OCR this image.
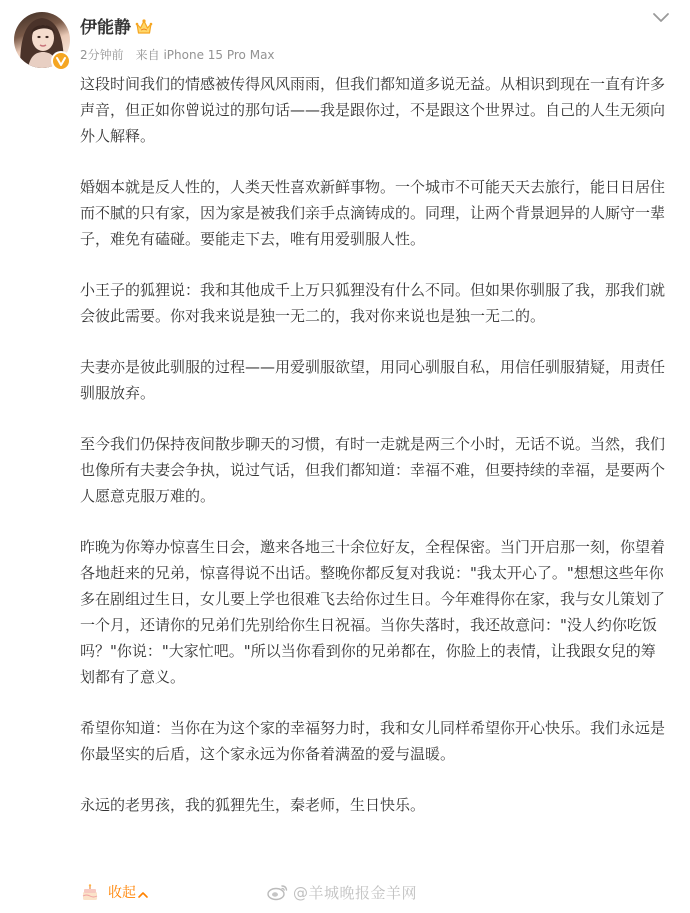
伊能静
2分钟前 来自 iPhone 15 Pro Max

这段时间我们的情感被传得风风雨雨，但我们都知道多说无益。从相识到现在一直有许多声音，但正如你曾说过的那句话——我是跟你过，不是跟这个世界过。自己的人生无须向外人解释。

婚姻本就是反人性的，人类天性喜欢新鲜事物。一个城市不可能天天去旅行，能日日居住而不腻的只有家，因为家是被我们亲手点滴铸成的。同理，让两个背景迥异的人厮守一辈子，难免有磕碰。要能走下去，唯有用爱驯服人性。

小王子的狐狸说：我和其他成千上万只狐狸没有什么不同。但如果你驯服了我，那我们就会彼此需要。你对我来说是独一无二的，我对你来说也是独一无二的。

夫妻亦是彼此驯服的过程——用爱驯服欲望，用同心驯服自私，用信任驯服猜疑，用责任驯服放弃。

至今我们仍保持夜间散步聊天的习惯，有时一走就是两三个小时，无话不说。当然，我们也像所有夫妻会争执，说过气话，但我们都知道：幸福不难，但要持续的幸福，是要两个人愿意克服万难的。

昨晚为你筹办惊喜生日会，邀来各地三十余位好友，全程保密。当门开启那一刻，你望着各地赶来的兄弟，惊喜得说不出话。整晚你都反复对我说："我太开心了。"想想这些年你多在剧组过生日，女儿要上学也很难飞去给你过生日。今年难得你在家，我与女儿策划了一个月，还请你的兄弟们先别给你生日祝福。当你失落时，我还故意问："没人约你吃饭吗？"你说："大家忙吧。"所以当你看到你的兄弟都在，你脸上的表情，让我跟女兒的筹划都有了意义。

希望你知道：当你在为这个家的幸福努力时，我和女儿同样希望你开心快乐。我们永远是你最坚实的后盾，这个家永远为你备着满盈的爱与温暖。

永远的老男孩，我的狐狸先生，秦老师，生日快乐。

收起	@羊城晚报金羊网
